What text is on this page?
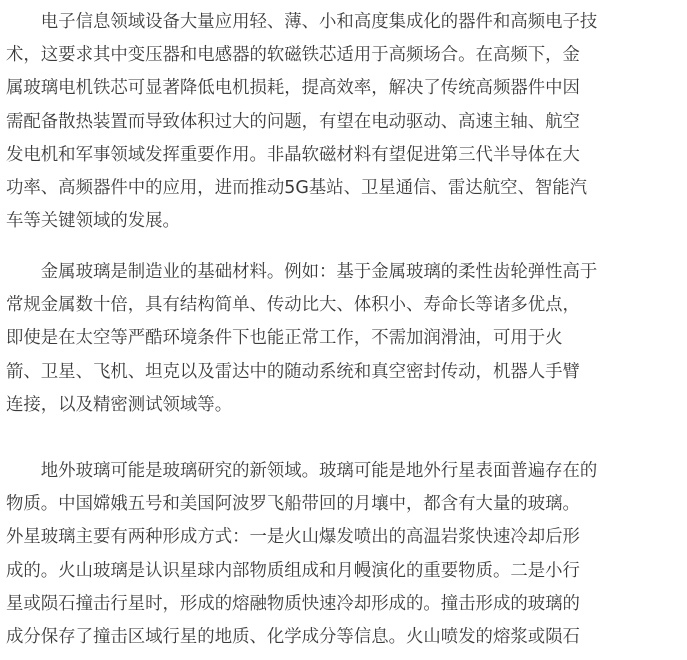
　　电子信息领域设备大量应用轻、薄、小和高度集成化的器件和高频电子技
术，这要求其中变压器和电感器的软磁铁芯适用于高频场合。在高频下，金
属玻璃电机铁芯可显著降低电机损耗，提高效率，解决了传统高频器件中因
需配备散热装置而导致体积过大的问题，有望在电动驱动、高速主轴、航空
发电机和军事领域发挥重要作用。非晶软磁材料有望促进第三代半导体在大
功率、高频器件中的应用，进而推动5G基站、卫星通信、雷达航空、智能汽
车等关键领域的发展。
　　金属玻璃是制造业的基础材料。例如：基于金属玻璃的柔性齿轮弹性高于
常规金属数十倍，具有结构简单、传动比大、体积小、寿命长等诸多优点，
即使是在太空等严酷环境条件下也能正常工作，不需加润滑油，可用于火
箭、卫星、飞机、坦克以及雷达中的随动系统和真空密封传动，机器人手臂
连接，以及精密测试领域等。
　　地外玻璃可能是玻璃研究的新领域。玻璃可能是地外行星表面普遍存在的
物质。中国嫦娥五号和美国阿波罗飞船带回的月壤中，都含有大量的玻璃。
外星玻璃主要有两种形成方式：一是火山爆发喷出的高温岩浆快速冷却后形
成的。火山玻璃是认识星球内部物质组成和月幔演化的重要物质。二是小行
星或陨石撞击行星时，形成的熔融物质快速冷却形成的。撞击形成的玻璃的
成分保存了撞击区域行星的地质、化学成分等信息。火山喷发的熔浆或陨石
